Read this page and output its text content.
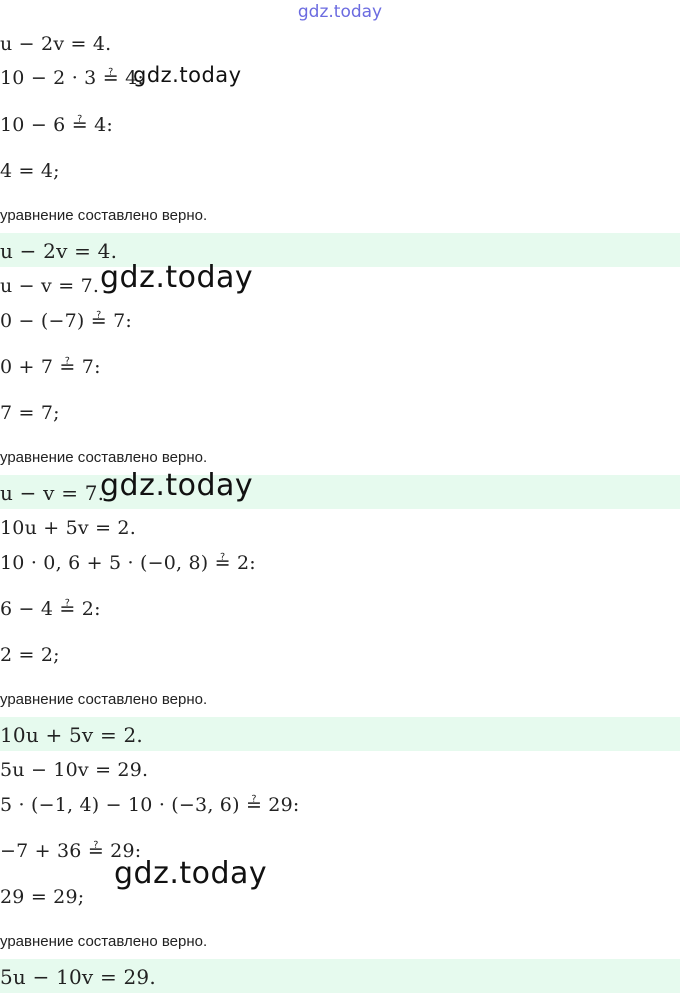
gdz.today
u − 2v = 4.
10 − 2 · 3 ≟ 4:
10 − 6 ≟ 4:
4 = 4;
уравнение составлено верно.
u − 2v = 4.
u − v = 7.
0 − (−7) ≟ 7:
0 + 7 ≟ 7:
7 = 7;
уравнение составлено верно.
u − v = 7.
10u + 5v = 2.
10 · 0, 6 + 5 · (−0, 8) ≟ 2:
6 − 4 ≟ 2:
2 = 2;
уравнение составлено верно.
10u + 5v = 2.
5u − 10v = 29.
5 · (−1, 4) − 10 · (−3, 6) ≟ 29:
−7 + 36 ≟ 29:
29 = 29;
уравнение составлено верно.
5u − 10v = 29.
gdz.today
gdz.today
gdz.today
gdz.today
